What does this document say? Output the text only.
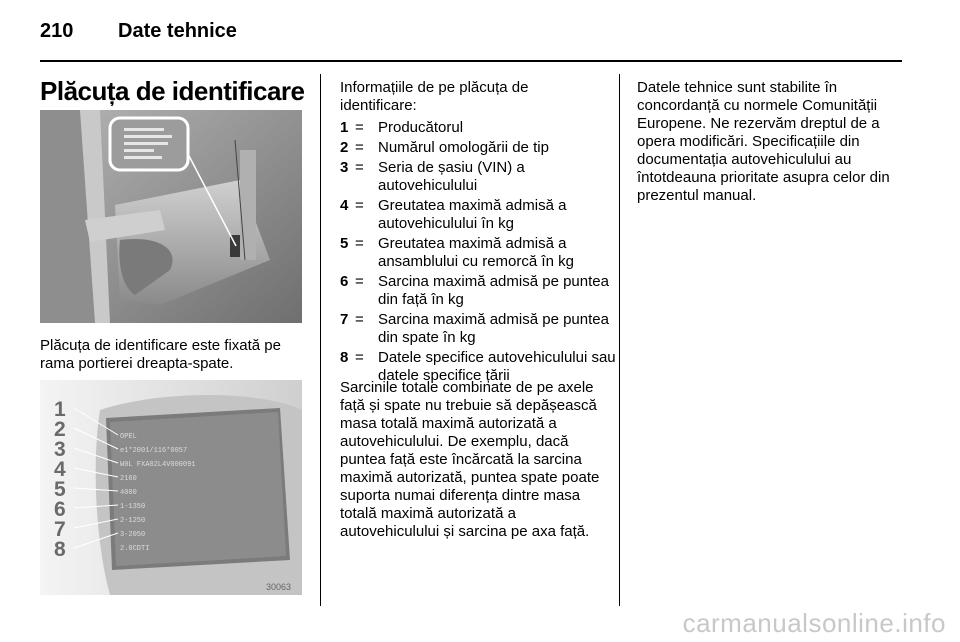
210 Date tehnice
Plăcuța de identificare
Plăcuța de identificare este fixată pe rama portierei dreapta-spate.
OPEL
e1*2001/116*0057
W0L FXA02L4V000091
2160
4000
1-1350
2-1250
3-2050
2.0CDTI
1
2
3
4
5
6
7
8
30063
Informațiile de pe plăcuța de identificare:
1 = Producătorul
2 = Numărul omologării de tip
3 = Seria de șasiu (VIN) a autovehiculului
4 = Greutatea maximă admisă a autovehiculului în kg
5 = Greutatea maximă admisă a ansamblului cu remorcă în kg
6 = Sarcina maximă admisă pe puntea din față în kg
7 = Sarcina maximă admisă pe puntea din spate în kg
8 = Datele specifice autovehiculului sau datele specifice țării
Sarcinile totale combinate de pe axele față și spate nu trebuie să depășească masa totală maximă autorizată a autovehiculului. De exemplu, dacă puntea față este încărcată la sarcina maximă autorizată, puntea spate poate suporta numai diferența dintre masa totală maximă autorizată a autovehiculului și sarcina pe axa față.
Datele tehnice sunt stabilite în concordanță cu normele Comunității Europene. Ne rezervăm dreptul de a opera modificări. Specificațiile din documentația autovehiculului au întotdeauna prioritate asupra celor din prezentul manual.
carmanualsonline.info
